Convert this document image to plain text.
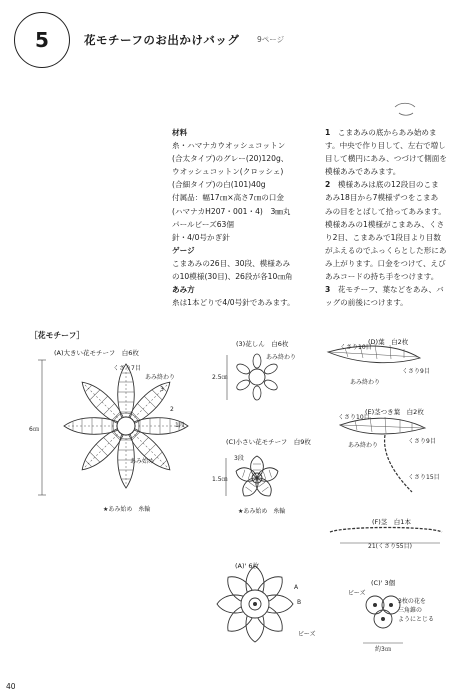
5	花モチーフのお出かけバッグ 9ページ
材料
糸・ハマナカウオッシュコットン
(合太タイプ)のグレー(20)120g、
ウオッシュコットン(クロッシェ)
(合細タイプ)の白(101)40g
付属品：幅17㎝×高さ7㎝の口金
(ハマナカH207・001・4)　3㎜丸
パールビーズ63個
針・4/0号かぎ針
ゲージ
こまあみの26目、30段、模様あみ
の10模様(30目)、26段が各10㎝角
あみ方
糸は1本どりで4/0号針であみます。
1　 こまあみの底からあみ始めま
す。中央で作り目して、左右で増し
目して横円にあみ、つづけて側面を
模様あみであみます。
2　 模様あみは底の12段目のこま
あみ18目から7模様ずつをこまあ
みの目をとばして拾ってあみます。
模様あみの1模様がこまあみ、くさ
り2目、こまあみで1段目より目数
がふえるのでふっくらとした形にあ
み上がります。口金をつけて、えび
あみコードの持ち手をつけます。
3　 花モチーフ、葉などをあみ、バ
ッグの前後につけます。
［花モチーフ］
(A)大きい花モチーフ　白6枚
くさり7目
あみ終わり
3
2
1段
あみ始め
6㎝
★あみ始め　糸輪
(3)花しん　白6枚
あみ終わり
2.5㎝
(C)小さい花モチーフ　白9枚
3段
1.5㎝
★あみ始め　糸輪
(D)葉　白2枚
くさり10目
くさり9目
あみ終わり
(E)茎つき葉　白2枚
くさり10目
くさり9目
あみ終わり
くさり15目
(F)茎　白1本
21(くさり55目)
(A)' 6枚
A
B
ビーズ
(C)' 3個
ビーズ
3枚の花を
三角錐の
ようにとじる
約3㎝
40
